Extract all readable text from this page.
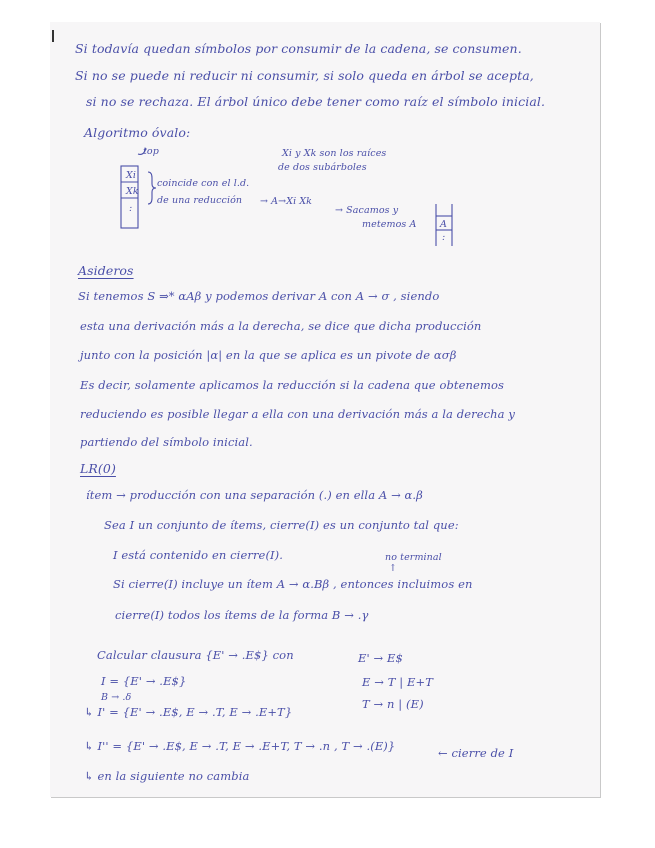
Si todavía quedan símbolos por consumir de la cadena, se consumen.
Si no se puede ni reducir ni consumir, si solo queda en árbol se acepta,
si no se rechaza. El árbol único debe tener como raíz el símbolo inicial.
Algoritmo óvalo:
top
Xi
Xk
:
coincide con el l.d.
de una reducción → A→Xi Xk
→ Sacamos y
metemos A
Xi y Xk son los raíces
de dos subárboles
A
:
Asideros
Si tenemos S ⇒* αAβ y podemos derivar A con A → σ , siendo
esta una derivación más a la derecha, se dice que dicha producción
junto con la posición |α| en la que se aplica es un pivote de ασβ
Es decir, solamente aplicamos la reducción si la cadena que obtenemos
reduciendo es posible llegar a ella con una derivación más a la derecha y
partiendo del símbolo inicial.
LR(0)
ítem → producción con una separación (.) en ella A → α.β
Sea I un conjunto de ítems, cierre(I) es un conjunto tal que:
I está contenido en cierre(I).	no terminal
↑
Si cierre(I) incluye un ítem A → α.Bβ , entonces incluimos en
cierre(I) todos los ítems de la forma B → .γ
Calcular clausura {E' → .E$} con	E' → E$
E → T | E+T
T → n | (E)
I = {E' → .E$}
B → .δ
↳ I' = {E' → .E$, E → .T, E → .E+T}
↳ I'' = {E' → .E$, E → .T, E → .E+T, T → .n , T → .(E)}	← cierre de I
↳ en la siguiente no cambia
